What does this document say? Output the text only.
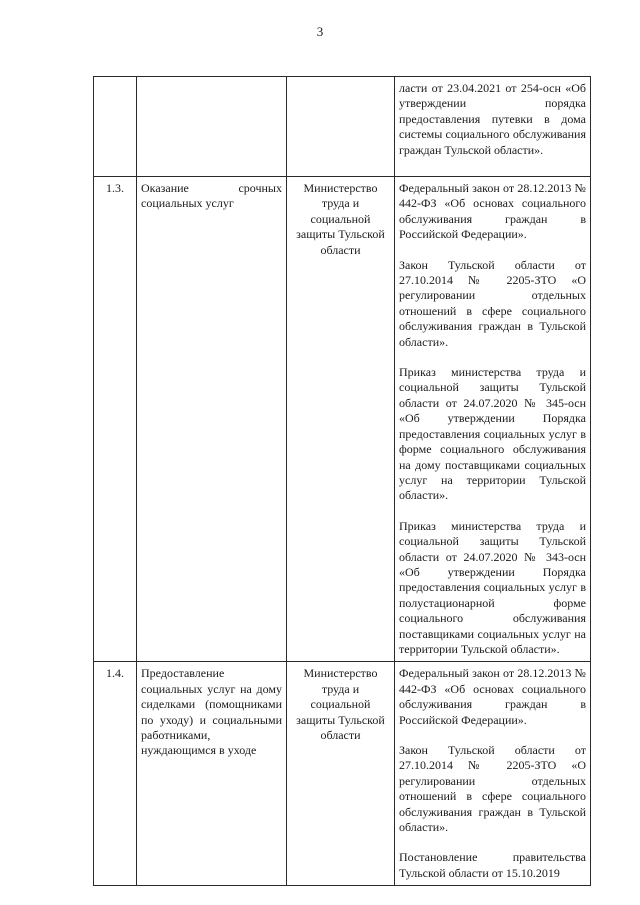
3

			ласти от 23.04.2021 от 254-осн «Об утверждении порядка предоставления путевки в дома системы социального обслуживания граждан Тульской области».

1.3.	Оказание срочных социальных услуг	Министерство труда и социальной защиты Тульской области	Федеральный закон от 28.12.2013 № 442-ФЗ «Об основах социального обслуживания граждан в Российской Федерации».
Закон Тульской области от 27.10.2014 № 2205-ЗТО «О регулировании отдельных отношений в сфере социального обслуживания граждан в Тульской области».
Приказ министерства труда и социальной защиты Тульской области от 24.07.2020 № 345-осн «Об утверждении Порядка предоставления социальных услуг в форме социального обслуживания на дому поставщиками социальных услуг на территории Тульской области».
Приказ министерства труда и социальной защиты Тульской области от 24.07.2020 № 343-осн «Об утверждении Порядка предоставления социальных услуг в полустационарной форме социального обслуживания поставщиками социальных услуг на территории Тульской области».

1.4.	Предоставление социальных услуг на дому сиделками (помощниками по уходу) и социальными работниками, нуждающимся в уходе	Министерство труда и социальной защиты Тульской области	Федеральный закон от 28.12.2013 № 442-ФЗ «Об основах социального обслуживания граждан в Российской Федерации».
Закон Тульской области от 27.10.2014 № 2205-ЗТО «О регулировании отдельных отношений в сфере социального обслуживания граждан в Тульской области».
Постановление правительства Тульской области от 15.10.2019
